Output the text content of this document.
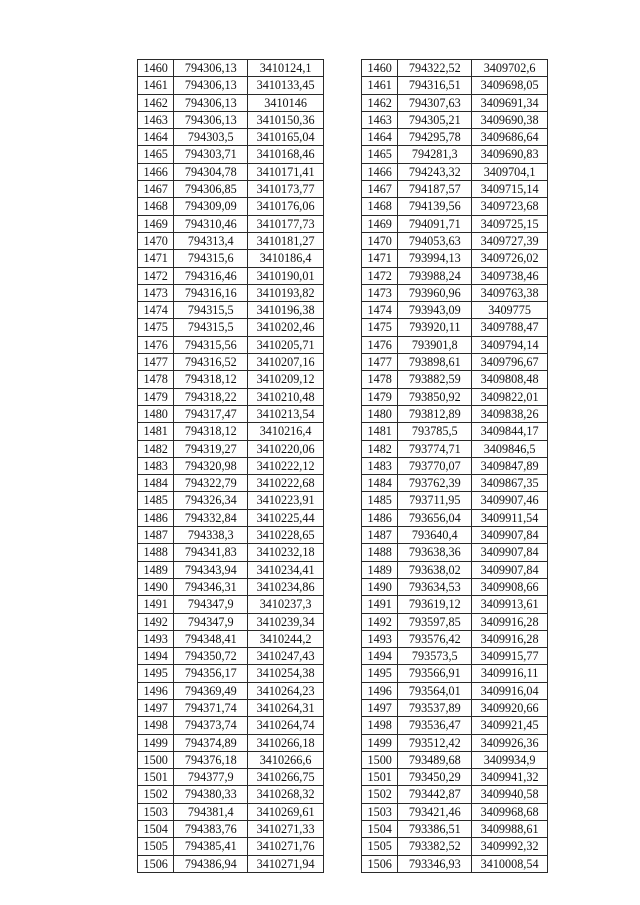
1460	794306,13	3410124,1
1461	794306,13	3410133,45
1462	794306,13	3410146
1463	794306,13	3410150,36
1464	794303,5	3410165,04
1465	794303,71	3410168,46
1466	794304,78	3410171,41
1467	794306,85	3410173,77
1468	794309,09	3410176,06
1469	794310,46	3410177,73
1470	794313,4	3410181,27
1471	794315,6	3410186,4
1472	794316,46	3410190,01
1473	794316,16	3410193,82
1474	794315,5	3410196,38
1475	794315,5	3410202,46
1476	794315,56	3410205,71
1477	794316,52	3410207,16
1478	794318,12	3410209,12
1479	794318,22	3410210,48
1480	794317,47	3410213,54
1481	794318,12	3410216,4
1482	794319,27	3410220,06
1483	794320,98	3410222,12
1484	794322,79	3410222,68
1485	794326,34	3410223,91
1486	794332,84	3410225,44
1487	794338,3	3410228,65
1488	794341,83	3410232,18
1489	794343,94	3410234,41
1490	794346,31	3410234,86
1491	794347,9	3410237,3
1492	794347,9	3410239,34
1493	794348,41	3410244,2
1494	794350,72	3410247,43
1495	794356,17	3410254,38
1496	794369,49	3410264,23
1497	794371,74	3410264,31
1498	794373,74	3410264,74
1499	794374,89	3410266,18
1500	794376,18	3410266,6
1501	794377,9	3410266,75
1502	794380,33	3410268,32
1503	794381,4	3410269,61
1504	794383,76	3410271,33
1505	794385,41	3410271,76
1506	794386,94	3410271,94
1460	794322,52	3409702,6
1461	794316,51	3409698,05
1462	794307,63	3409691,34
1463	794305,21	3409690,38
1464	794295,78	3409686,64
1465	794281,3	3409690,83
1466	794243,32	3409704,1
1467	794187,57	3409715,14
1468	794139,56	3409723,68
1469	794091,71	3409725,15
1470	794053,63	3409727,39
1471	793994,13	3409726,02
1472	793988,24	3409738,46
1473	793960,96	3409763,38
1474	793943,09	3409775
1475	793920,11	3409788,47
1476	793901,8	3409794,14
1477	793898,61	3409796,67
1478	793882,59	3409808,48
1479	793850,92	3409822,01
1480	793812,89	3409838,26
1481	793785,5	3409844,17
1482	793774,71	3409846,5
1483	793770,07	3409847,89
1484	793762,39	3409867,35
1485	793711,95	3409907,46
1486	793656,04	3409911,54
1487	793640,4	3409907,84
1488	793638,36	3409907,84
1489	793638,02	3409907,84
1490	793634,53	3409908,66
1491	793619,12	3409913,61
1492	793597,85	3409916,28
1493	793576,42	3409916,28
1494	793573,5	3409915,77
1495	793566,91	3409916,11
1496	793564,01	3409916,04
1497	793537,89	3409920,66
1498	793536,47	3409921,45
1499	793512,42	3409926,36
1500	793489,68	3409934,9
1501	793450,29	3409941,32
1502	793442,87	3409940,58
1503	793421,46	3409968,68
1504	793386,51	3409988,61
1505	793382,52	3409992,32
1506	793346,93	3410008,54
